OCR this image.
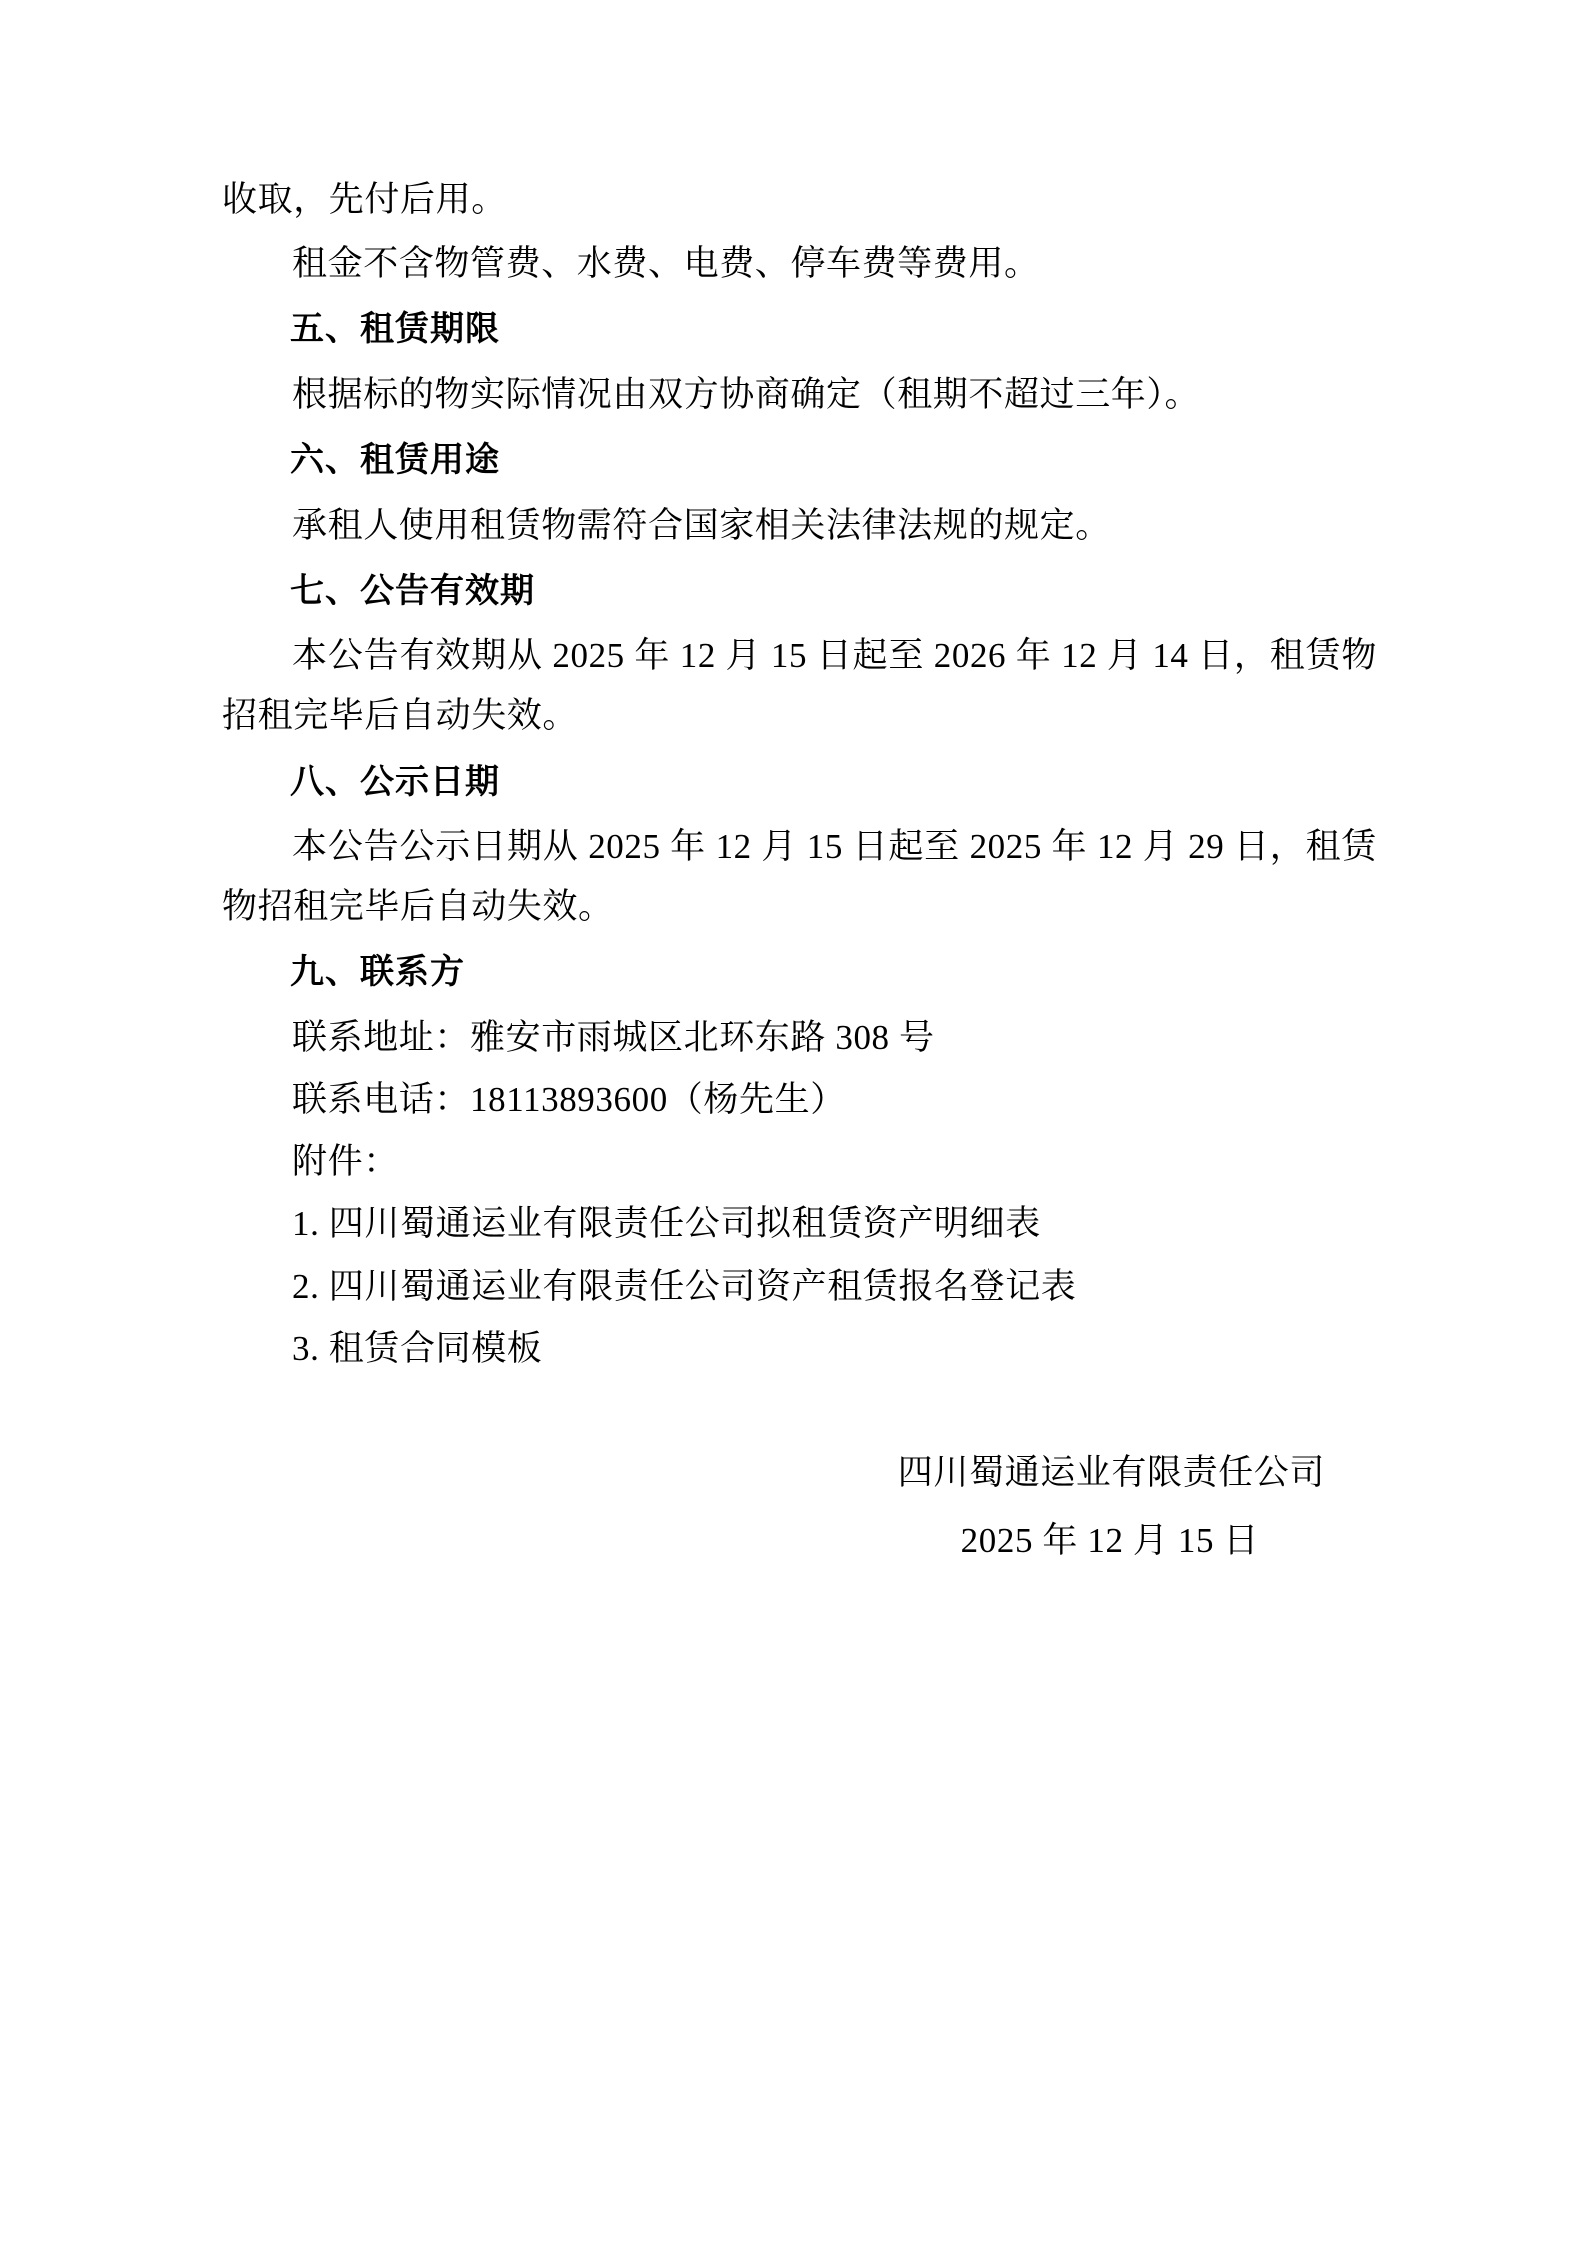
收取，先付后用。

租金不含物管费、水费、电费、停车费等费用。

五、租赁期限

根据标的物实际情况由双方协商确定（租期不超过三年）。

六、租赁用途

承租人使用租赁物需符合国家相关法律法规的规定。

七、公告有效期

本公告有效期从 2025 年 12 月 15 日起至 2026 年 12 月 14 日，租赁物招租完毕后自动失效。

八、公示日期

本公告公示日期从 2025 年 12 月 15 日起至 2025 年 12 月 29 日，租赁物招租完毕后自动失效。

九、联系方

联系地址：雅安市雨城区北环东路 308 号

联系电话：18113893600（杨先生）

附件：

1. 四川蜀通运业有限责任公司拟租赁资产明细表

2. 四川蜀通运业有限责任公司资产租赁报名登记表

3. 租赁合同模板

四川蜀通运业有限责任公司

2025 年 12 月 15 日
